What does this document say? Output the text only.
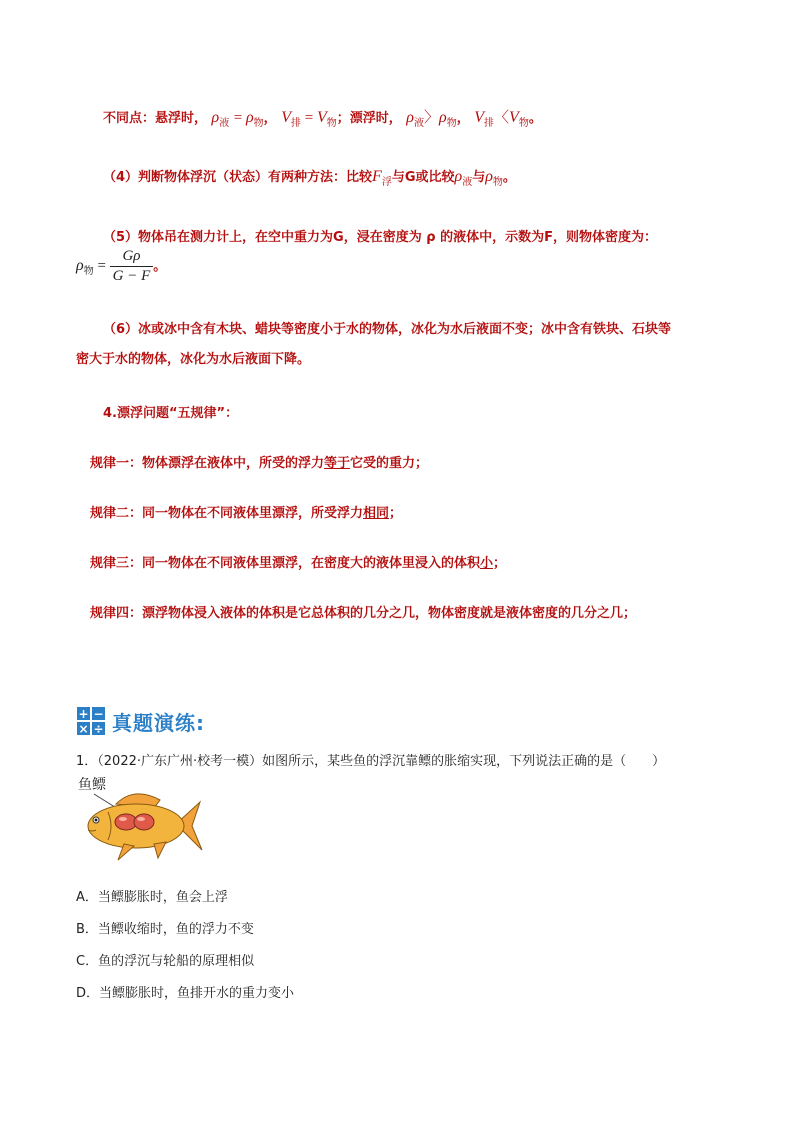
不同点：悬浮时， $\rho_液 = \rho_物$， $V_排 = V_物$；漂浮时， $\rho_液$〉$\rho_物$， $V_排$〈$V_物$。
（4）判断物体浮沉（状态）有两种方法：比较$F_浮$与G或比较$\rho_液$与$\rho_物$。
（5）物体吊在测力计上，在空中重力为G，浸在密度为 ρ 的液体中，示数为F，则物体密度为：
$\rho_物 = \frac{G\rho}{G - F}$ 。
（6）冰或冰中含有木块、蜡块等密度小于水的物体，冰化为水后液面不变；冰中含有铁块、石块等
密大于水的物体，冰化为水后液面下降。
4.漂浮问题“五规律”：
规律一：物体漂浮在液体中，所受的浮力等于它受的重力；
规律二：同一物体在不同液体里漂浮，所受浮力相同；
规律三：同一物体在不同液体里漂浮，在密度大的液体里浸入的体积小；
规律四：漂浮物体浸入液体的体积是它总体积的几分之几，物体密度就是液体密度的几分之几；
+ −
× ÷ 真题演练:
1．（2022·广东广州·校考一模）如图所示，某些鱼的浮沉靠鳔的胀缩实现，下列说法正确的是（　　）
鱼鳔
A．当鳔膨胀时，鱼会上浮
B．当鳔收缩时，鱼的浮力不变
C．鱼的浮沉与轮船的原理相似
D．当鳔膨胀时，鱼排开水的重力变小
